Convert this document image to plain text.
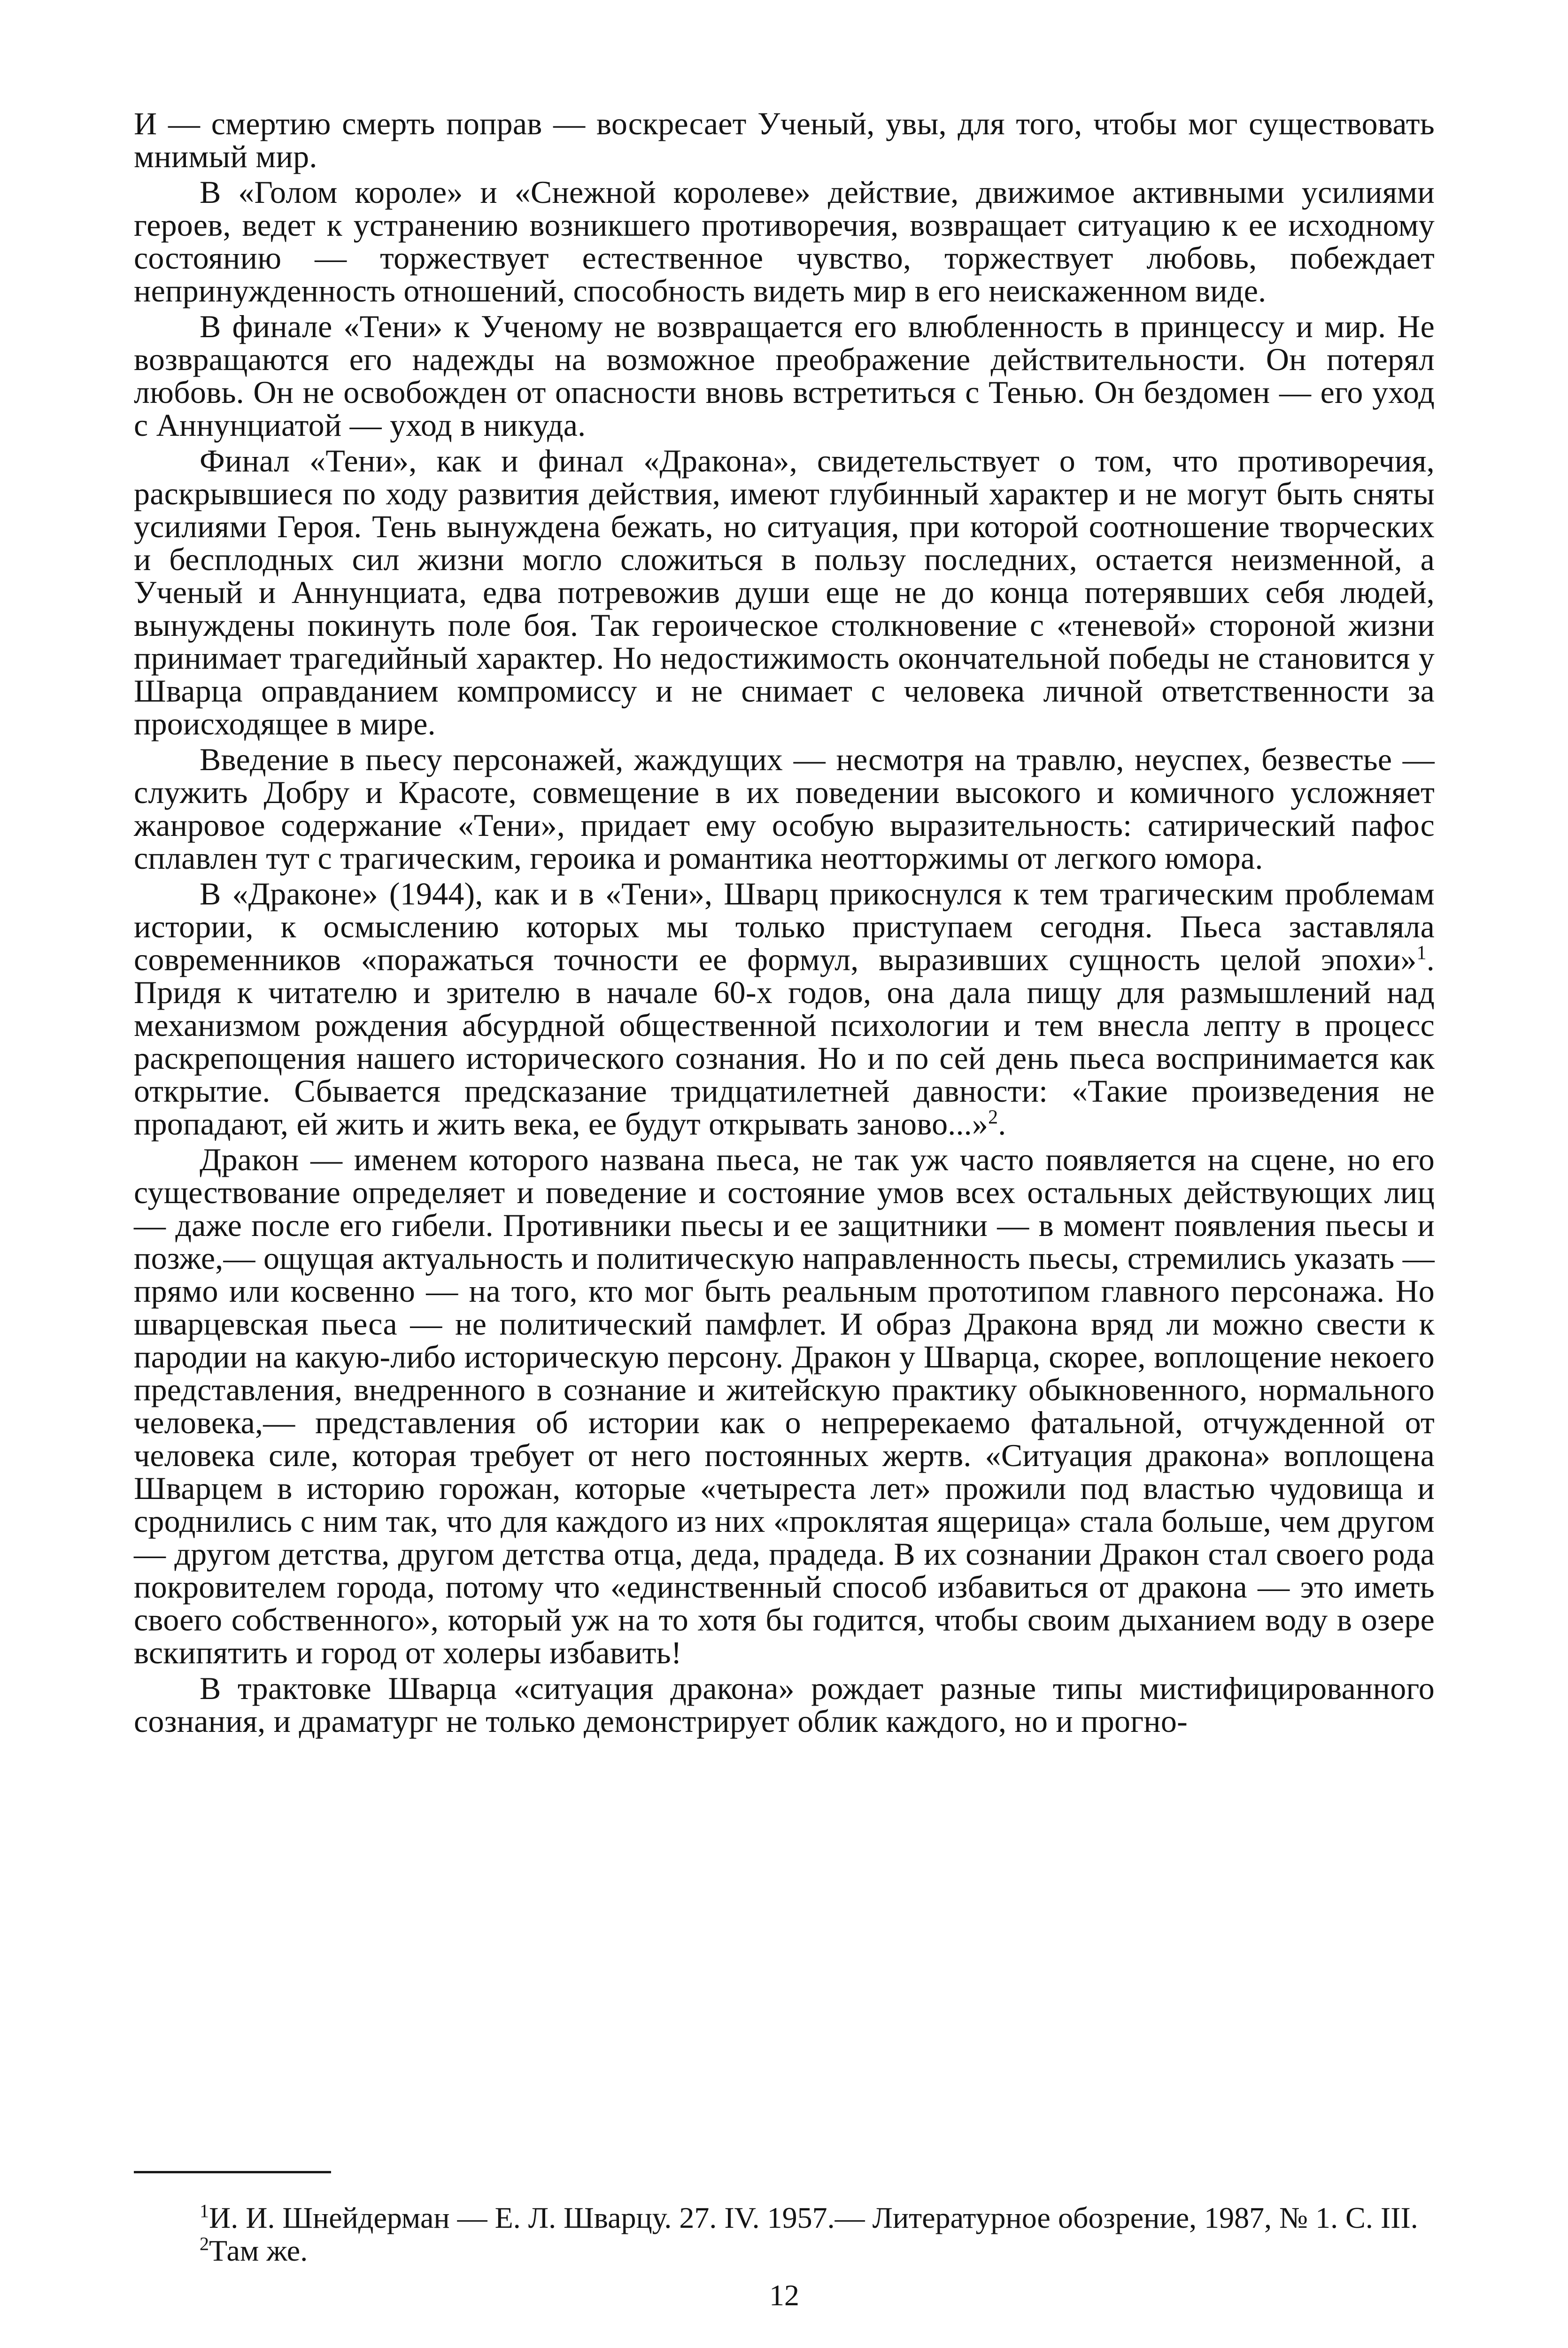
И — смертию смерть поправ — воскресает Ученый, увы, для того, чтобы мог существовать мнимый мир.

В «Голом короле» и «Снежной королеве» действие, движимое активными усилиями героев, ведет к устранению возникшего противоречия, возвращает ситуацию к ее исходному состоянию — торжествует естественное чувство, торжествует любовь, побеждает непринужденность отношений, способность видеть мир в его неискаженном виде.

В финале «Тени» к Ученому не возвращается его влюбленность в принцессу и мир. Не возвращаются его надежды на возможное преображение действительности. Он потерял любовь. Он не освобожден от опасности вновь встретиться с Тенью. Он бездомен — его уход с Аннунциатой — уход в никуда.

Финал «Тени», как и финал «Дракона», свидетельствует о том, что противоречия, раскрывшиеся по ходу развития действия, имеют глубинный характер и не могут быть сняты усилиями Героя. Тень вынуждена бежать, но ситуация, при которой соотношение творческих и бесплодных сил жизни могло сложиться в пользу последних, остается неизменной, а Ученый и Аннунциата, едва потревожив души еще не до конца потерявших себя людей, вынуждены покинуть поле боя. Так героическое столкновение с «теневой» стороной жизни принимает трагедийный характер. Но недостижимость окончательной победы не становится у Шварца оправданием компромиссу и не снимает с человека личной ответственности за происходящее в мире.

Введение в пьесу персонажей, жаждущих — несмотря на травлю, неуспех, безвестье — служить Добру и Красоте, совмещение в их поведении высокого и комичного усложняет жанровое содержание «Тени», придает ему особую выразительность: сатирический пафос сплавлен тут с трагическим, героика и романтика неотторжимы от легкого юмора.

В «Драконе» (1944), как и в «Тени», Шварц прикоснулся к тем трагическим проблемам истории, к осмыслению которых мы только приступаем сегодня. Пьеса заставляла современников «поражаться точности ее формул, выразивших сущность целой эпохи»$^1$. Придя к читателю и зрителю в начале 60-х годов, она дала пищу для размышлений над механизмом рождения абсурдной общественной психологии и тем внесла лепту в процесс раскрепощения нашего исторического сознания. Но и по сей день пьеса воспринимается как открытие. Сбывается предсказание тридцатилетней давности: «Такие произведения не пропадают, ей жить и жить века, ее будут открывать заново...»$^2$.

Дракон — именем которого названа пьеса, не так уж часто появляется на сцене, но его существование определяет и поведение и состояние умов всех остальных действующих лиц — даже после его гибели. Противники пьесы и ее защитники — в момент появления пьесы и позже,— ощущая актуальность и политическую направленность пьесы, стремились указать — прямо или косвенно — на того, кто мог быть реальным прототипом главного персонажа. Но шварцевская пьеса — не политический памфлет. И образ Дракона вряд ли можно свести к пародии на какую-либо историческую персону. Дракон у Шварца, скорее, воплощение некоего представления, внедренного в сознание и житейскую практику обыкновенного, нормального человека,— представления об истории как о непререкаемо фатальной, отчужденной от человека силе, которая требует от него постоянных жертв. «Ситуация дракона» воплощена Шварцем в историю горожан, которые «четыреста лет» прожили под властью чудовища и сроднились с ним так, что для каждого из них «проклятая ящерица» стала больше, чем другом — другом детства, другом детства отца, деда, прадеда. В их сознании Дракон стал своего рода покровителем города, потому что «единственный способ избавиться от дракона — это иметь своего собственного», который уж на то хотя бы годится, чтобы своим дыханием воду в озере вскипятить и город от холеры избавить!

В трактовке Шварца «ситуация дракона» рождает разные типы мистифицированного сознания, и драматург не только демонстрирует облик каждого, но и прогно-

$^1$И. И. Шнейдерман — Е. Л. Шварцу. 27. IV. 1957.— Литературное обозрение, 1987, № 1. С. III.

$^2$Там же.

12
